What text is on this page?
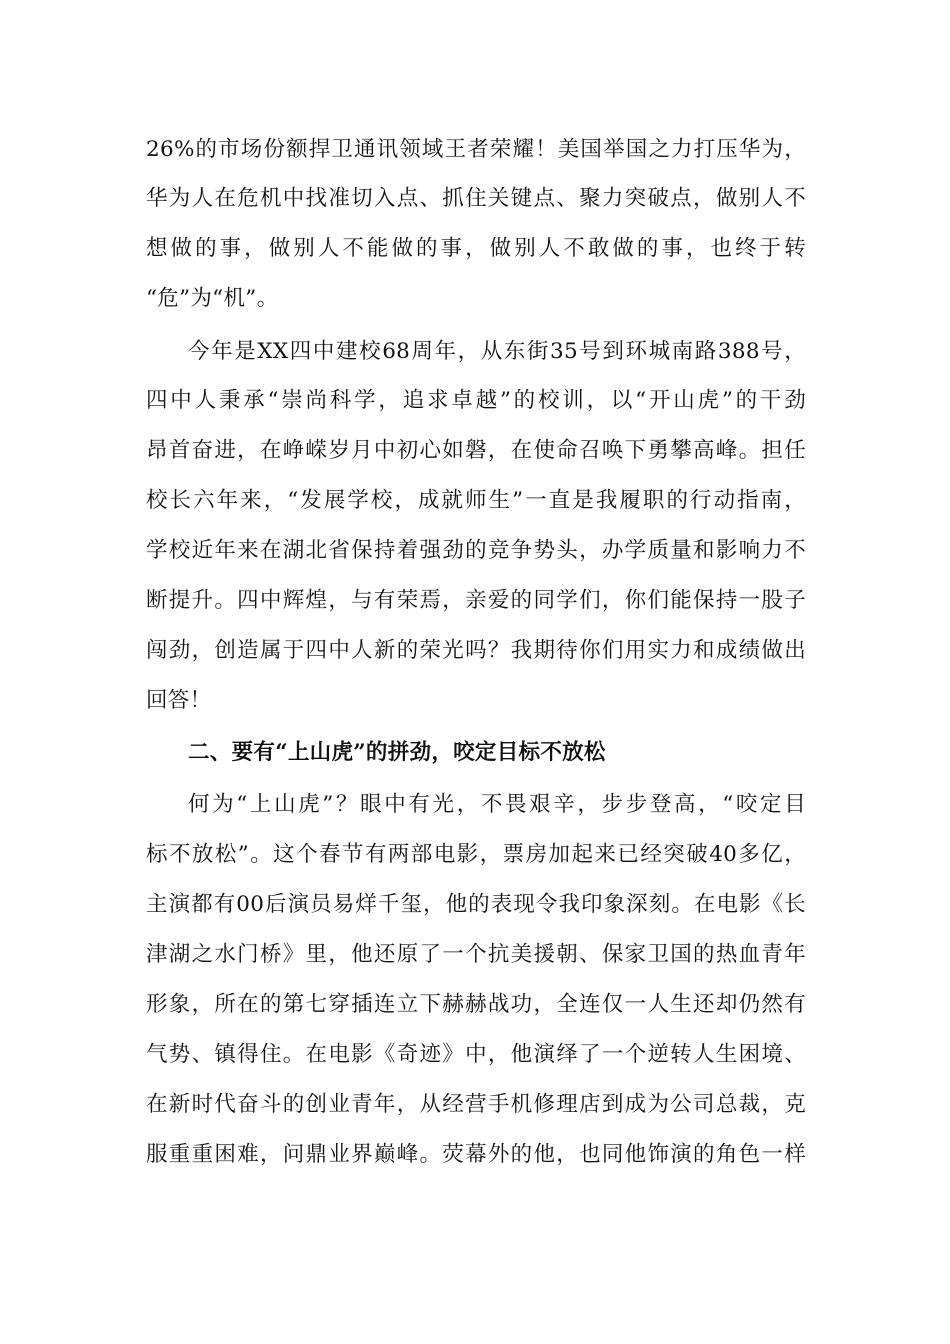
26%的市场份额捍卫通讯领域王者荣耀！美国举国之力打压华为，
华为人在危机中找准切入点、抓住关键点、聚力突破点，做别人不
想做的事，做别人不能做的事，做别人不敢做的事，也终于转
“危”为“机”。
今年是XX四中建校68周年，从东街35号到环城南路388号，
四中人秉承“崇尚科学，追求卓越”的校训，以“开山虎”的干劲
昂首奋进，在峥嵘岁月中初心如磐，在使命召唤下勇攀高峰。担任
校长六年来，“发展学校，成就师生”一直是我履职的行动指南，
学校近年来在湖北省保持着强劲的竞争势头，办学质量和影响力不
断提升。四中辉煌，与有荣焉，亲爱的同学们，你们能保持一股子
闯劲，创造属于四中人新的荣光吗？我期待你们用实力和成绩做出
回答！
二、要有“上山虎”的拼劲，咬定目标不放松
何为“上山虎”？眼中有光，不畏艰辛，步步登高，“咬定目
标不放松”。这个春节有两部电影，票房加起来已经突破40多亿，
主演都有00后演员易烊千玺，他的表现令我印象深刻。在电影《长
津湖之水门桥》里，他还原了一个抗美援朝、保家卫国的热血青年
形象，所在的第七穿插连立下赫赫战功，全连仅一人生还却仍然有
气势、镇得住。在电影《奇迹》中，他演绎了一个逆转人生困境、
在新时代奋斗的创业青年，从经营手机修理店到成为公司总裁，克
服重重困难，问鼎业界巅峰。荧幕外的他，也同他饰演的角色一样
